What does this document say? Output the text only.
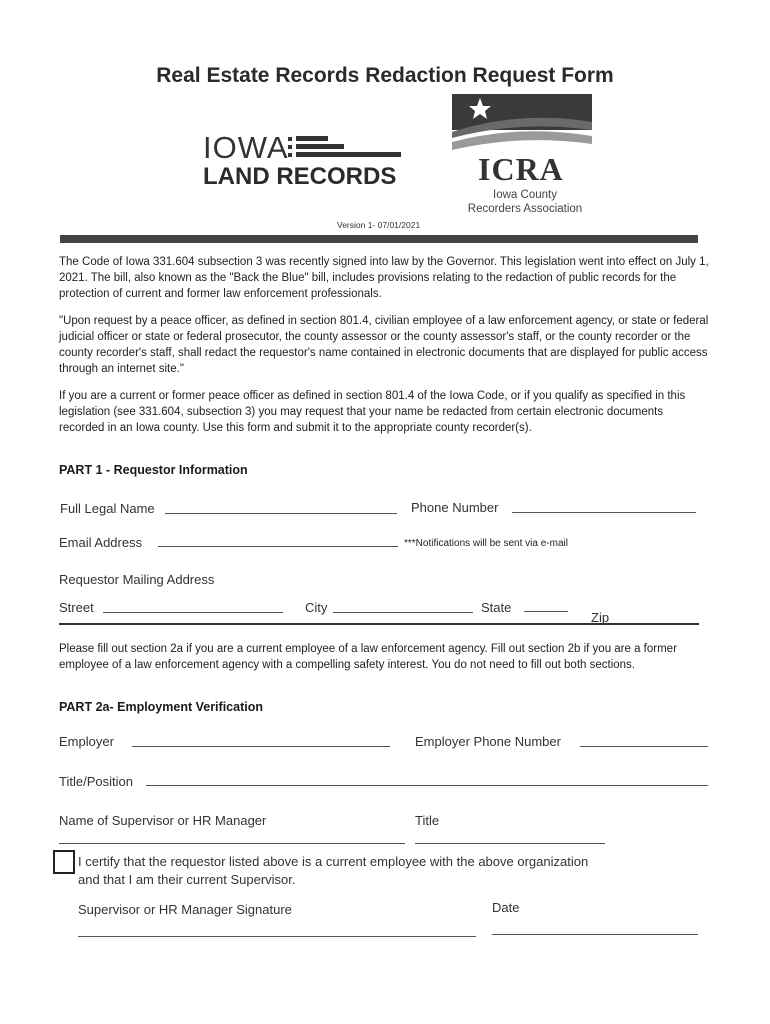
Real Estate Records Redaction Request Form
IOWA
LAND RECORDS	ICRA
Iowa County
Recorders Association
Version 1- 07/01/2021
The Code of Iowa 331.604 subsection 3 was recently signed into law by the Governor. This legislation went into effect on July 1, 2021. The bill, also known as the "Back the Blue" bill, includes provisions relating to the redaction of public records for the protection of current and former law enforcement professionals.
"Upon request by a peace officer, as defined in section 801.4, civilian employee of a law enforcement agency, or state or federal judicial officer or state or federal prosecutor, the county assessor or the county assessor's staff, or the county recorder or the county recorder's staff, shall redact the requestor's name contained in electronic documents that are displayed for public access through an internet site."
If you are a current or former peace officer as defined in section 801.4 of the Iowa Code, or if you qualify as specified in this legislation (see 331.604, subsection 3) you may request that your name be redacted from certain electronic documents recorded in an Iowa county. Use this form and submit it to the appropriate county recorder(s).
PART 1 - Requestor Information
Full Legal Name	Phone Number
Email Address	***Notifications will be sent via e-mail
Requestor Mailing Address
Street	City	State
Zip
Please fill out section 2a if you are a current employee of a law enforcement agency. Fill out section 2b if you are a former employee of a law enforcement agency with a compelling safety interest. You do not need to fill out both sections.
PART 2a- Employment Verification
Employer	Employer Phone Number
Title/Position
Name of Supervisor or HR Manager	Title
I certify that the requestor listed above is a current employee with the above organization
and that I am their current Supervisor.
Supervisor or HR Manager Signature	Date
